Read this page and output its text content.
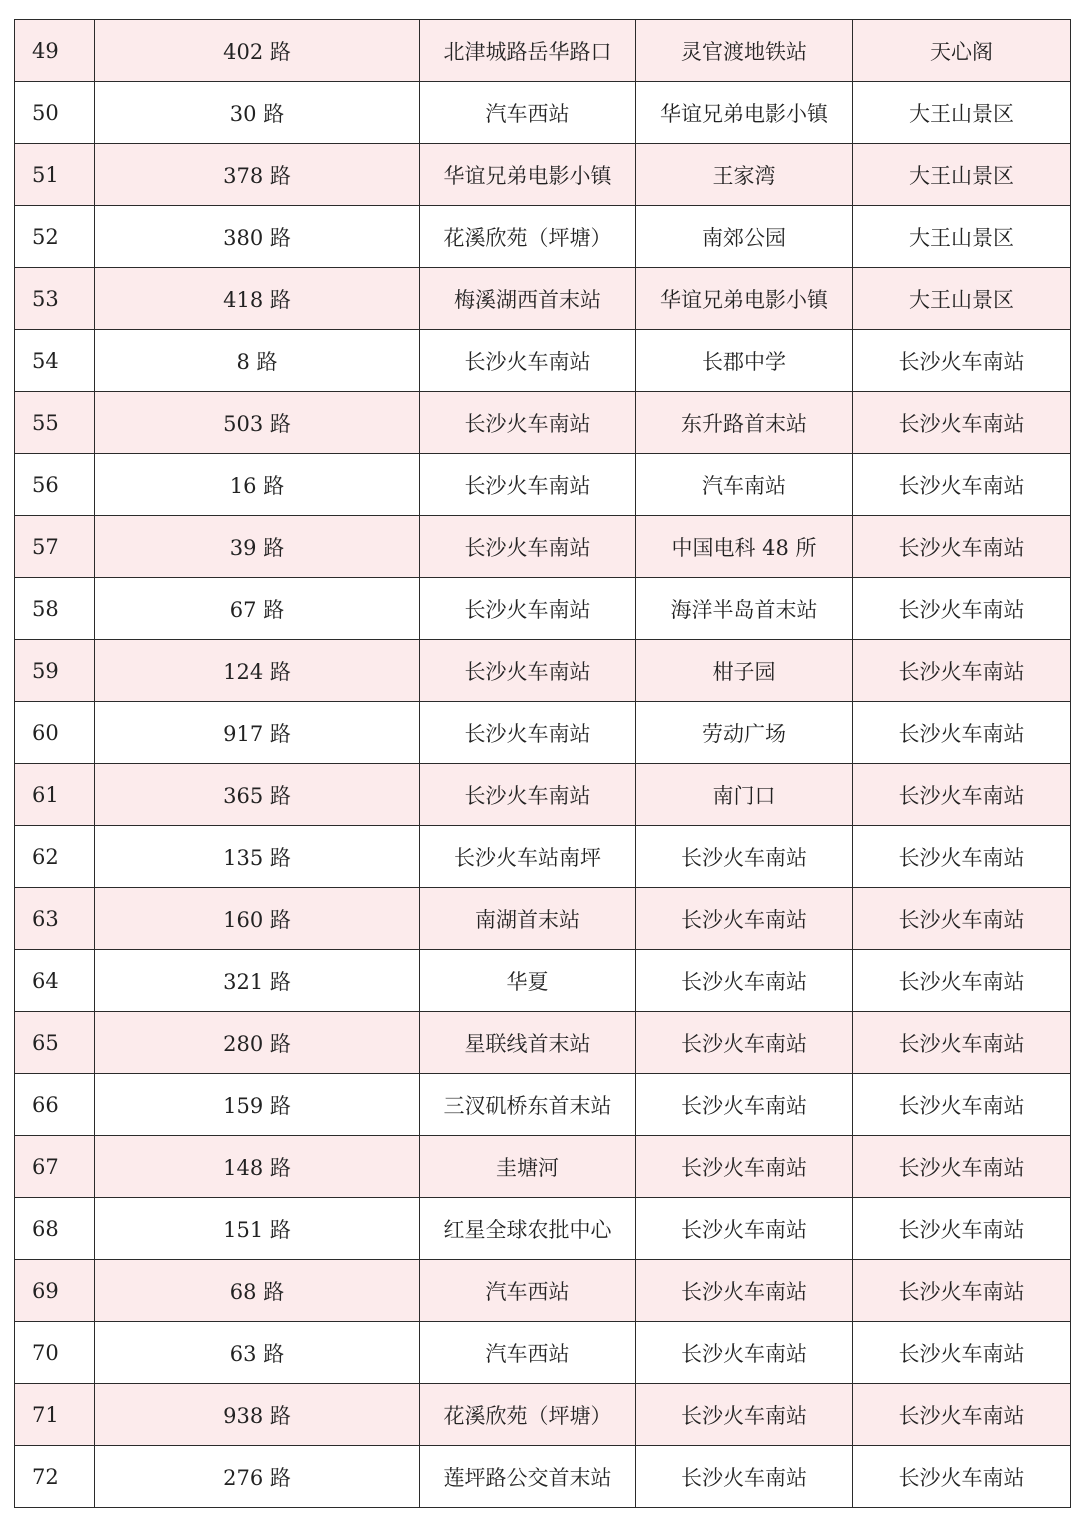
49	402 路	北津城路岳华路口	灵官渡地铁站	天心阁
50	30 路	汽车西站	华谊兄弟电影小镇	大王山景区
51	378 路	华谊兄弟电影小镇	王家湾	大王山景区
52	380 路	花溪欣苑（坪塘）	南郊公园	大王山景区
53	418 路	梅溪湖西首末站	华谊兄弟电影小镇	大王山景区
54	8 路	长沙火车南站	长郡中学	长沙火车南站
55	503 路	长沙火车南站	东升路首末站	长沙火车南站
56	16 路	长沙火车南站	汽车南站	长沙火车南站
57	39 路	长沙火车南站	中国电科 48 所	长沙火车南站
58	67 路	长沙火车南站	海洋半岛首末站	长沙火车南站
59	124 路	长沙火车南站	柑子园	长沙火车南站
60	917 路	长沙火车南站	劳动广场	长沙火车南站
61	365 路	长沙火车南站	南门口	长沙火车南站
62	135 路	长沙火车站南坪	长沙火车南站	长沙火车南站
63	160 路	南湖首末站	长沙火车南站	长沙火车南站
64	321 路	华夏	长沙火车南站	长沙火车南站
65	280 路	星联线首末站	长沙火车南站	长沙火车南站
66	159 路	三汊矶桥东首末站	长沙火车南站	长沙火车南站
67	148 路	圭塘河	长沙火车南站	长沙火车南站
68	151 路	红星全球农批中心	长沙火车南站	长沙火车南站
69	68 路	汽车西站	长沙火车南站	长沙火车南站
70	63 路	汽车西站	长沙火车南站	长沙火车南站
71	938 路	花溪欣苑（坪塘）	长沙火车南站	长沙火车南站
72	276 路	莲坪路公交首末站	长沙火车南站	长沙火车南站
